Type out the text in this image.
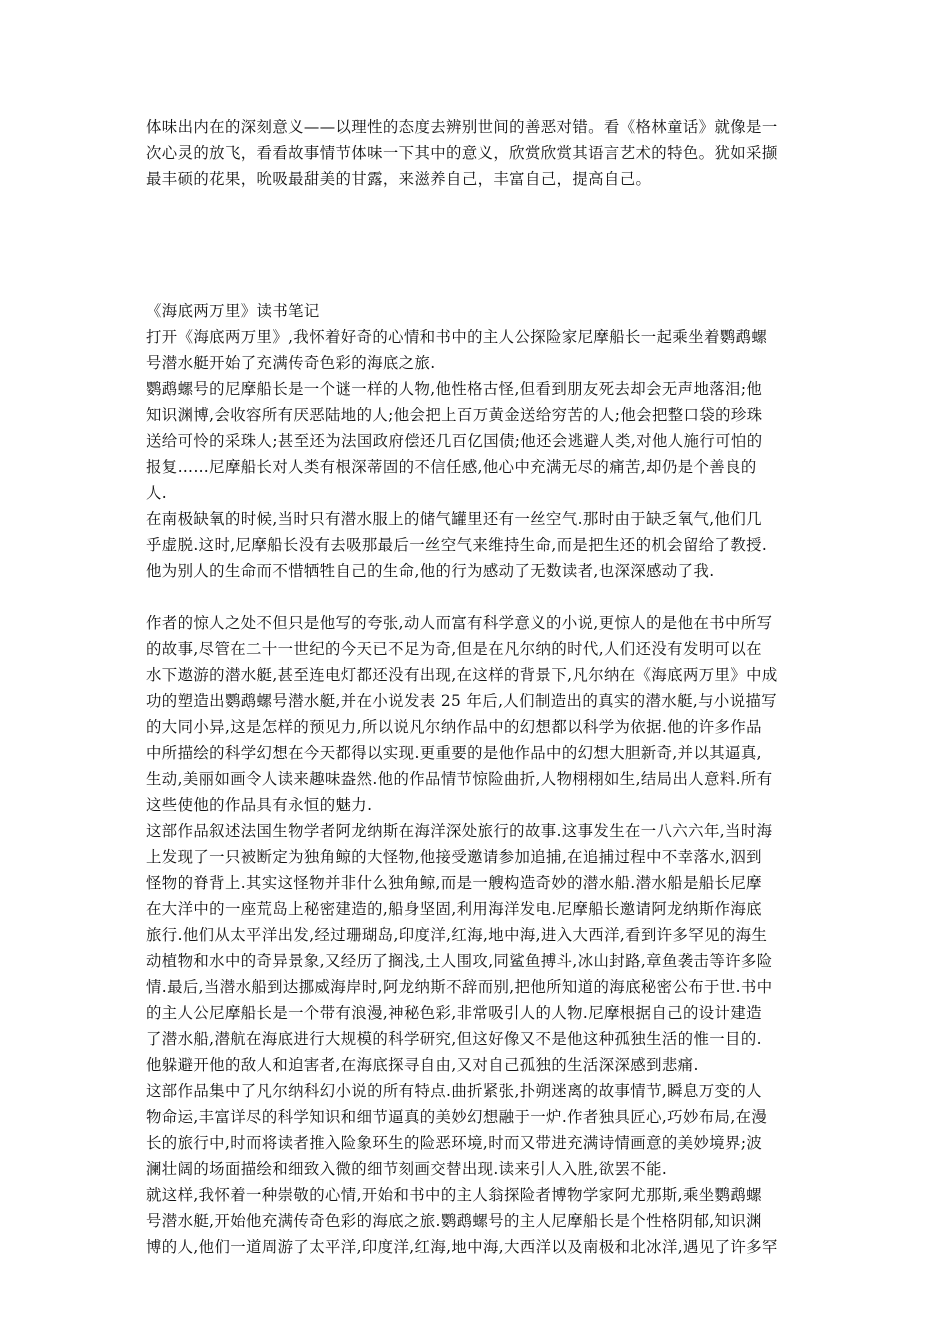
体味出内在的深刻意义——以理性的态度去辨别世间的善恶对错。看《格林童话》就像是一
次心灵的放飞，看看故事情节体味一下其中的意义，欣赏欣赏其语言艺术的特色。犹如采撷
最丰硕的花果，吮吸最甜美的甘露，来滋养自己，丰富自己，提高自己。
《海底两万里》读书笔记
打开《海底两万里》,我怀着好奇的心情和书中的主人公探险家尼摩船长一起乘坐着鹦鹉螺
号潜水艇开始了充满传奇色彩的海底之旅.
鹦鹉螺号的尼摩船长是一个谜一样的人物,他性格古怪,但看到朋友死去却会无声地落泪;他
知识渊博,会收容所有厌恶陆地的人;他会把上百万黄金送给穷苦的人;他会把整口袋的珍珠
送给可怜的采珠人;甚至还为法国政府偿还几百亿国债;他还会逃避人类,对他人施行可怕的
报复……尼摩船长对人类有根深蒂固的不信任感,他心中充满无尽的痛苦,却仍是个善良的
人.
在南极缺氧的时候,当时只有潜水服上的储气罐里还有一丝空气.那时由于缺乏氧气,他们几
乎虚脱.这时,尼摩船长没有去吸那最后一丝空气来维持生命,而是把生还的机会留给了教授.
他为别人的生命而不惜牺牲自己的生命,他的行为感动了无数读者,也深深感动了我.
作者的惊人之处不但只是他写的夸张,动人而富有科学意义的小说,更惊人的是他在书中所写
的故事,尽管在二十一世纪的今天已不足为奇,但是在凡尔纳的时代,人们还没有发明可以在
水下遨游的潜水艇,甚至连电灯都还没有出现,在这样的背景下,凡尔纳在《海底两万里》中成
功的塑造出鹦鹉螺号潜水艇,并在小说发表 25 年后,人们制造出的真实的潜水艇,与小说描写
的大同小异,这是怎样的预见力,所以说凡尔纳作品中的幻想都以科学为依据.他的许多作品
中所描绘的科学幻想在今天都得以实现.更重要的是他作品中的幻想大胆新奇,并以其逼真,
生动,美丽如画令人读来趣味盎然.他的作品情节惊险曲折,人物栩栩如生,结局出人意料.所有
这些使他的作品具有永恒的魅力.
这部作品叙述法国生物学者阿龙纳斯在海洋深处旅行的故事.这事发生在一八六六年,当时海
上发现了一只被断定为独角鲸的大怪物,他接受邀请参加追捕,在追捕过程中不幸落水,泅到
怪物的脊背上.其实这怪物并非什么独角鲸,而是一艘构造奇妙的潜水船.潜水船是船长尼摩
在大洋中的一座荒岛上秘密建造的,船身坚固,利用海洋发电.尼摩船长邀请阿龙纳斯作海底
旅行.他们从太平洋出发,经过珊瑚岛,印度洋,红海,地中海,进入大西洋,看到许多罕见的海生
动植物和水中的奇异景象,又经历了搁浅,土人围攻,同鲨鱼搏斗,冰山封路,章鱼袭击等许多险
情.最后,当潜水船到达挪威海岸时,阿龙纳斯不辞而别,把他所知道的海底秘密公布于世.书中
的主人公尼摩船长是一个带有浪漫,神秘色彩,非常吸引人的人物.尼摩根据自己的设计建造
了潜水船,潜航在海底进行大规模的科学研究,但这好像又不是他这种孤独生活的惟一目的.
他躲避开他的敌人和迫害者,在海底探寻自由,又对自己孤独的生活深深感到悲痛.
这部作品集中了凡尔纳科幻小说的所有特点.曲折紧张,扑朔迷离的故事情节,瞬息万变的人
物命运,丰富详尽的科学知识和细节逼真的美妙幻想融于一炉.作者独具匠心,巧妙布局,在漫
长的旅行中,时而将读者推入险象环生的险恶环境,时而又带进充满诗情画意的美妙境界;波
澜壮阔的场面描绘和细致入微的细节刻画交替出现.读来引人入胜,欲罢不能.
就这样,我怀着一种崇敬的心情,开始和书中的主人翁探险者博物学家阿尤那斯,乘坐鹦鹉螺
号潜水艇,开始他充满传奇色彩的海底之旅.鹦鹉螺号的主人尼摩船长是个性格阴郁,知识渊
博的人,他们一道周游了太平洋,印度洋,红海,地中海,大西洋以及南极和北冰洋,遇见了许多罕
